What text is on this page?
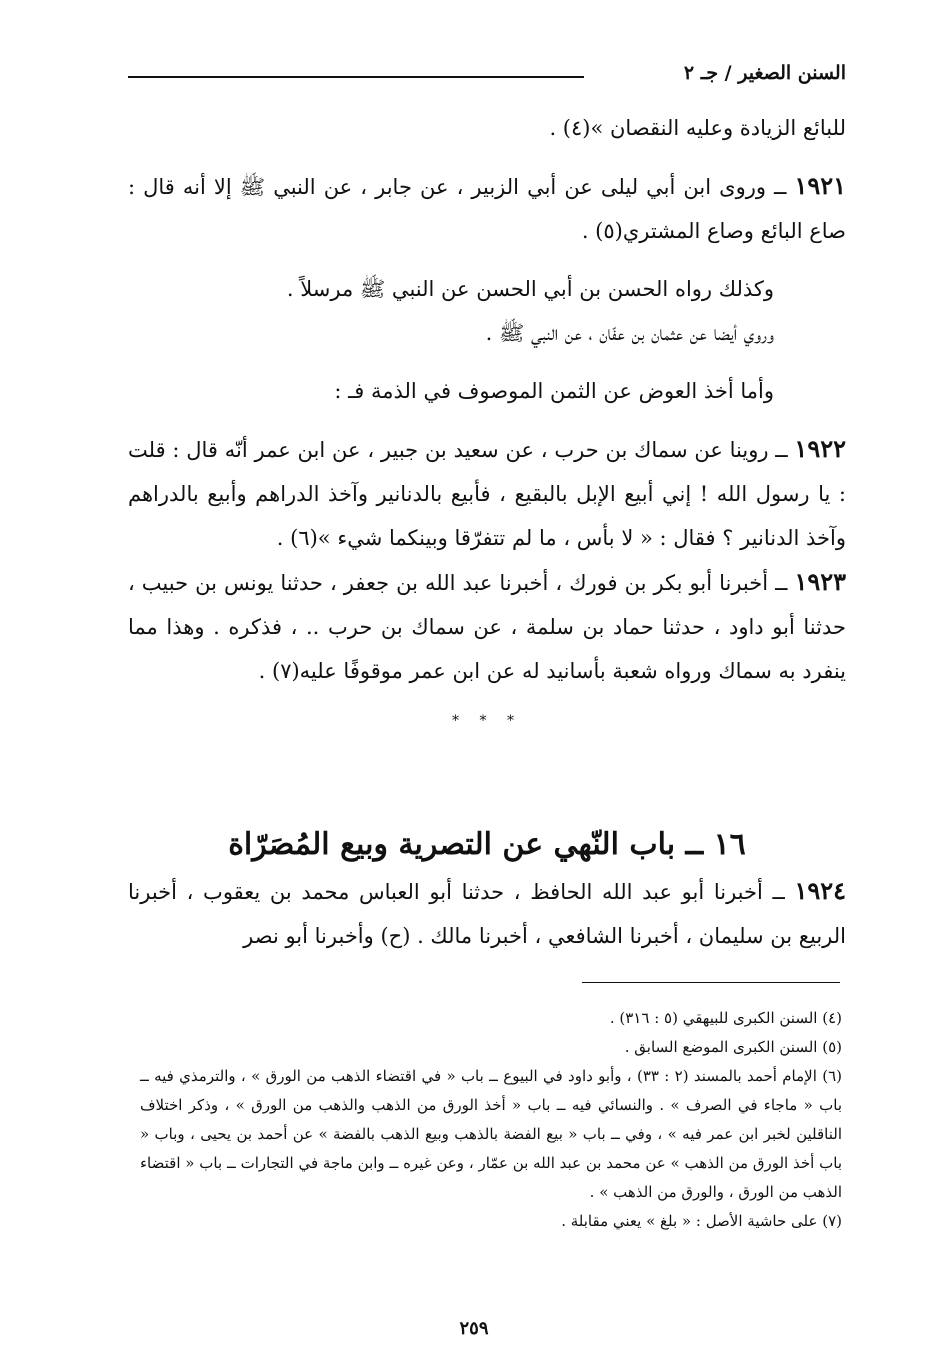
السنن الصغير / جـ ٢

للبائع الزيادة وعليه النقصان »(٤) .

١٩٢١ ــ وروى ابن أبي ليلى عن أبي الزبير ، عن جابر ، عن النبي ﷺ إلا أنه قال : صاع البائع وصاع المشتري(٥) .

وكذلك رواه الحسن بن أبي الحسن عن النبي ﷺ مرسلاً .

وروي أيضا عن عثمان بن عفّان ، عن النبي ﷺ .

وأما أخذ العوض عن الثمن الموصوف في الذمة فـ :

١٩٢٢ ــ روينا عن سماك بن حرب ، عن سعيد بن جبير ، عن ابن عمر أنّه قال : قلت : يا رسول الله ! إني أبيع الإبل بالبقيع ، فأبيع بالدنانير وآخذ الدراهم وأبيع بالدراهم وآخذ الدنانير ؟ فقال : « لا بأس ، ما لم تتفرّقا وبينكما شيء »(٦) .

١٩٢٣ ــ أخبرنا أبو بكر بن فورك ، أخبرنا عبد الله بن جعفر ، حدثنا يونس بن حبيب ، حدثنا أبو داود ، حدثنا حماد بن سلمة ، عن سماك بن حرب .. ، فذكره . وهذا مما ينفرد به سماك ورواه شعبة بأسانيد له عن ابن عمر موقوفًا عليه(٧) .

* * *
١٦ ــ باب النّهي عن التصرية وبيع المُصَرّاة

١٩٢٤ ــ أخبرنا أبو عبد الله الحافظ ، حدثنا أبو العباس محمد بن يعقوب ، أخبرنا الربيع بن سليمان ، أخبرنا الشافعي ، أخبرنا مالك . (ح) وأخبرنا أبو نصر

(٤) السنن الكبرى للبيهقي (٥ : ٣١٦) .

(٥) السنن الكبرى الموضع السابق .

(٦) الإمام أحمد بالمسند (٢ : ٣٣) ، وأبو داود في البيوع ــ باب « في اقتضاء الذهب من الورق » ، والترمذي فيه ــ باب « ماجاء في الصرف » . والنسائي فيه ــ باب « أخذ الورق من الذهب والذهب من الورق » ، وذكر اختلاف الناقلين لخبر ابن عمر فيه » ، وفي ــ باب « بيع الفضة بالذهب وبيع الذهب بالفضة » عن أحمد بن يحيى ، وباب « باب أخذ الورق من الذهب » عن محمد بن عبد الله بن عمّار ، وعن غيره ــ وابن ماجة في التجارات ــ باب « اقتضاء الذهب من الورق ، والورق من الذهب » .

(٧) على حاشية الأصل : « بلغ » يعني مقابلة .

٢٥٩
